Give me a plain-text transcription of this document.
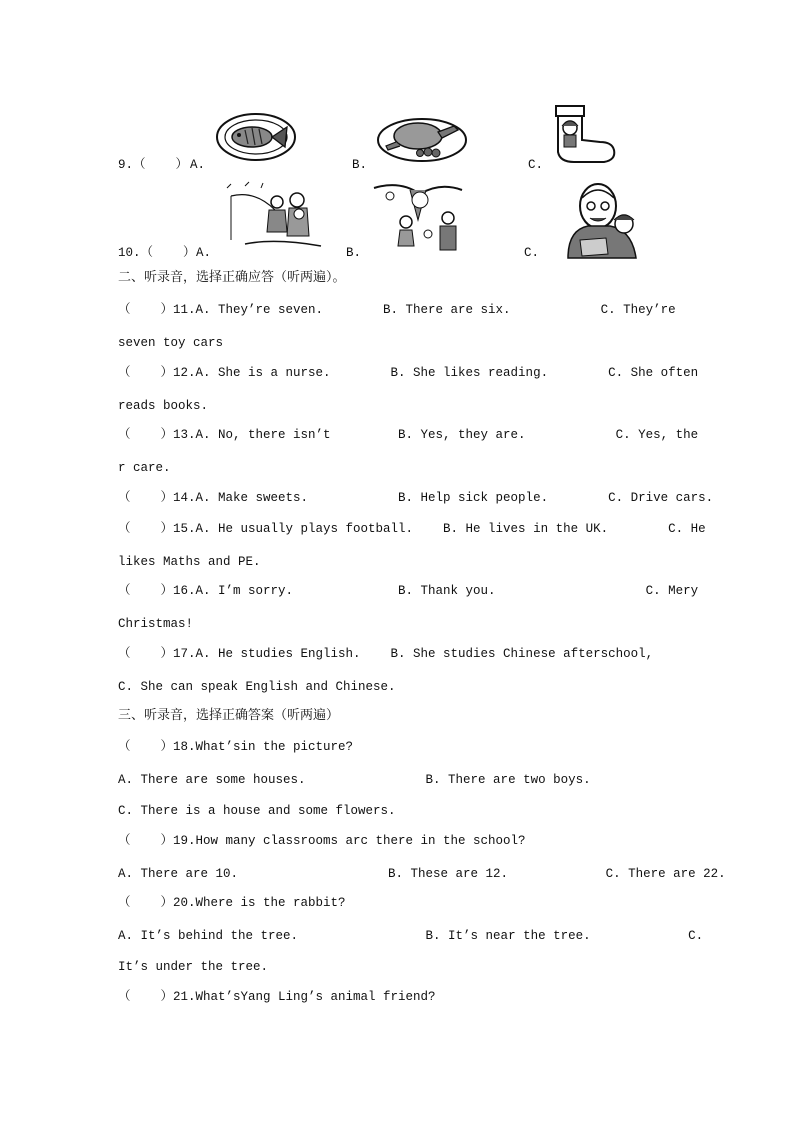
9.（    ） A.	B.	C.
10.（    ） A.	B.	C.
二、听录音，选择正确应答（听两遍）。
（    ）11.A. They’re seven.        B. There are six.            C. They’re
seven toy cars
（    ）12.A. She is a nurse.        B. She likes reading.        C. She often
reads books.
（    ）13.A. No, there isn’t         B. Yes, they are.            C. Yes, the
r care.
（    ）14.A. Make sweets.            B. Help sick people.        C. Drive cars.
（    ）15.A. He usually plays football.    B. He lives in the UK.        C. He
likes Maths and PE.
（    ）16.A. I’m sorry.              B. Thank you.                    C. Mery
Christmas!
（    ）17.A. He studies English.    B. She studies Chinese afterschool,
C. She can speak English and Chinese.
三、听录音，选择正确答案（听两遍）
（    ）18.What’sin the picture?
A. There are some houses.                B. There are two boys.
C. There is a house and some flowers.
（    ）19.How many classrooms arc there in the school?
A. There are 10.                    B. These are 12.             C. There are 22.
（    ）20.Where is the rabbit?
A. It’s behind the tree.                 B. It’s near the tree.             C.
It’s under the tree.
（    ）21.What’sYang Ling’s animal friend?
